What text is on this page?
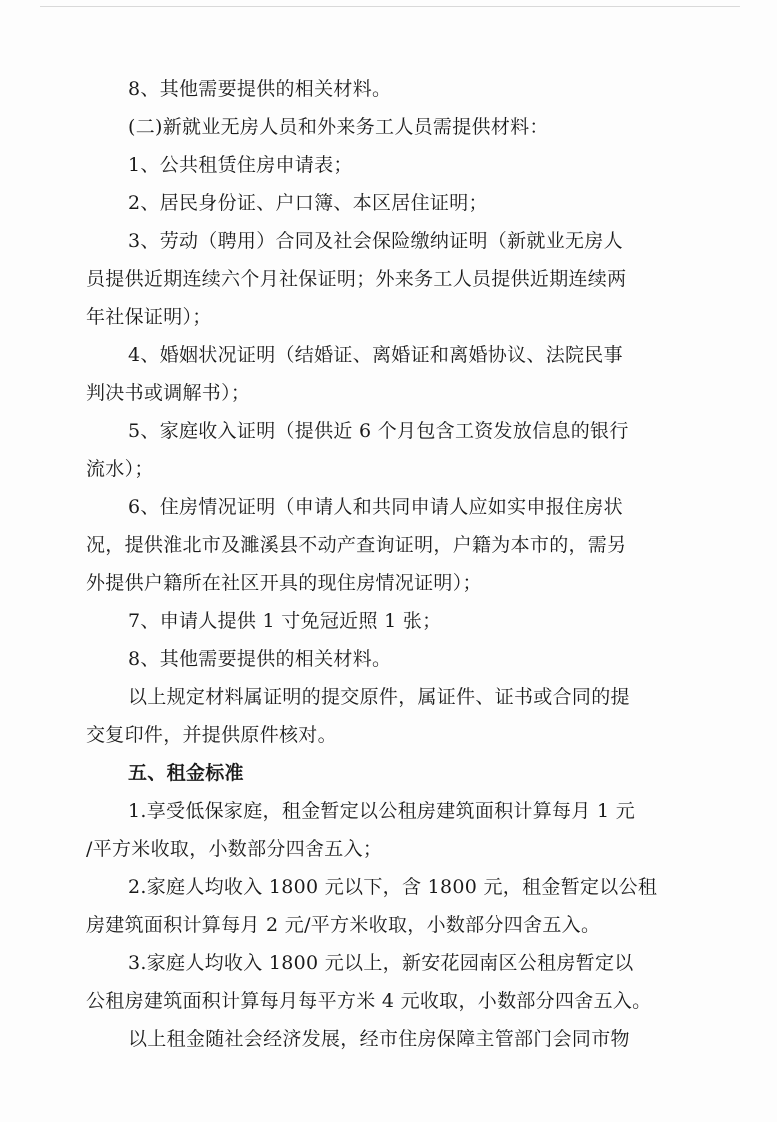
8、其他需要提供的相关材料。
(二)新就业无房人员和外来务工人员需提供材料：
1、公共租赁住房申请表；
2、居民身份证、户口簿、本区居住证明；
3、劳动（聘用）合同及社会保险缴纳证明（新就业无房人
员提供近期连续六个月社保证明；外来务工人员提供近期连续两
年社保证明）；
4、婚姻状况证明（结婚证、离婚证和离婚协议、法院民事
判决书或调解书）；
5、家庭收入证明（提供近 6 个月包含工资发放信息的银行
流水）；
6、住房情况证明（申请人和共同申请人应如实申报住房状
况，提供淮北市及濉溪县不动产查询证明，户籍为本市的，需另
外提供户籍所在社区开具的现住房情况证明）；
7、申请人提供 1 寸免冠近照 1 张；
8、其他需要提供的相关材料。
以上规定材料属证明的提交原件，属证件、证书或合同的提
交复印件，并提供原件核对。
五、租金标准
1.享受低保家庭，租金暂定以公租房建筑面积计算每月 1 元
/平方米收取，小数部分四舍五入；
2.家庭人均收入 1800 元以下，含 1800 元，租金暂定以公租
房建筑面积计算每月 2 元/平方米收取，小数部分四舍五入。
3.家庭人均收入 1800 元以上，新安花园南区公租房暂定以
公租房建筑面积计算每月每平方米 4 元收取，小数部分四舍五入。
以上租金随社会经济发展，经市住房保障主管部门会同市物
